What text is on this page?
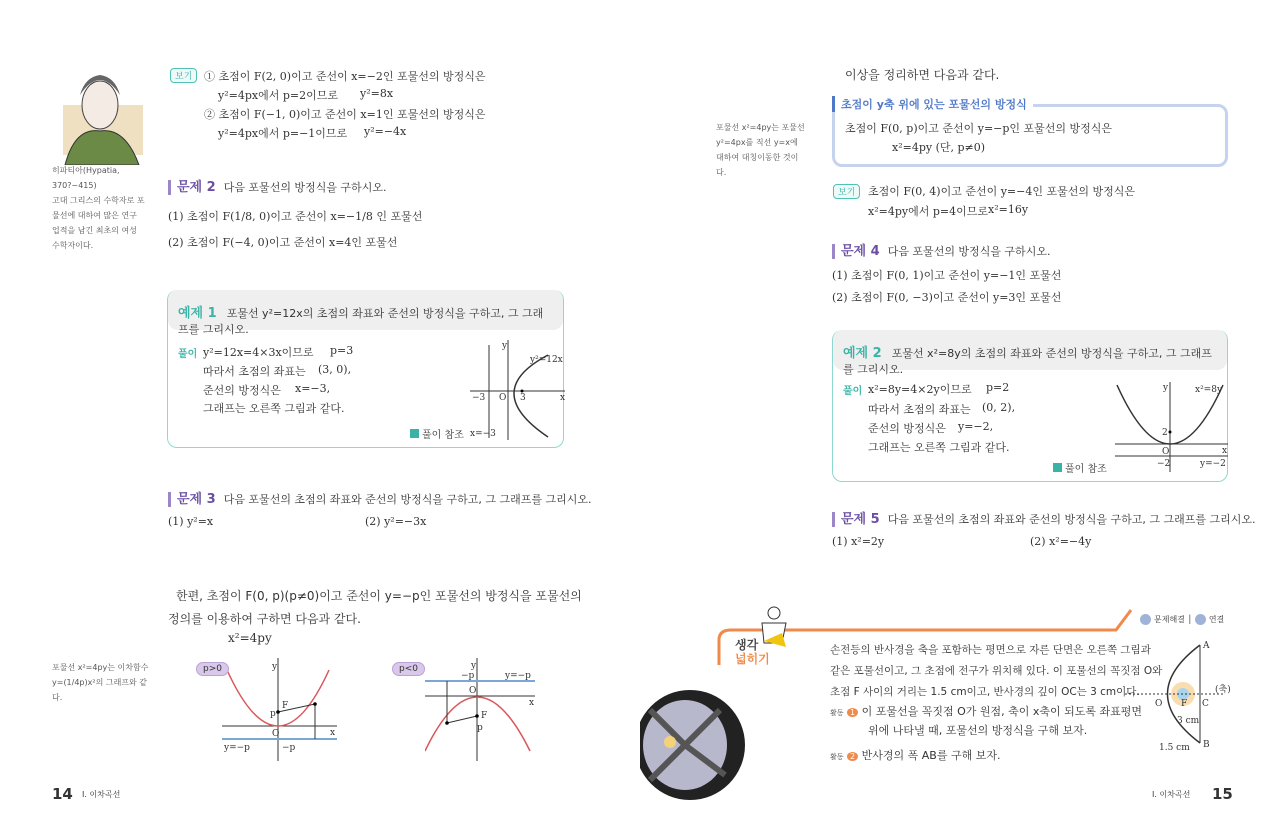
히파티아(Hypatia,
370?~415)
고대 그리스의 수학자로 포물선에 대하여 많은 연구 업적을 남긴 최초의 여성 수학자이다.
보기	① 초점이 F(2, 0)이고 준선이 x=−2인 포물선의 방정식은
y²=4px에서 p=2이므로 y²=8x
② 초점이 F(−1, 0)이고 준선이 x=1인 포물선의 방정식은
y²=4px에서 p=−1이므로 y²=−4x
문제 2 다음 포물선의 방정식을 구하시오.
(1) 초점이 F(1/8, 0)이고 준선이 x=−1/8 인 포물선
(2) 초점이 F(−4, 0)이고 준선이 x=4인 포물선
예제 1 포물선 y²=12x의 초점의 좌표와 준선의 방정식을 구하고, 그 그래프를 그리시오.
풀이 y²=12x=4×3x이므로 p=3
따라서 초점의 좌표는 (3, 0),
준선의 방정식은 x=−3,
그래프는 오른쪽 그림과 같다.
풀이 참조
y
x
y²=12x
−3 O 3
x=−3
문제 3 다음 포물선의 초점의 좌표와 준선의 방정식을 구하고, 그 그래프를 그리시오.
(1) y²=x	(2) y²=−3x
한편, 초점이 F(0, p)(p≠0)이고 준선이 y=−p인 포물선의 방정식을 포물선의
정의를 이용하여 구하면 다음과 같다.
x²=4py
포물선 x²=4py는 이차함수 y=(1/4p)x²의 그래프와 같다.
y
x
F
p
O
y=−p	−p
p>0	y
x
F
p
O
y=−p
−p
p<0
14 Ⅰ. 이차곡선
이상을 정리하면 다음과 같다.
초점이 y축 위에 있는 포물선의 방정식
초점이 F(0, p)이고 준선이 y=−p인 포물선의 방정식은
x²=4py (단, p≠0)
포물선 x²=4py는 포물선 y²=4px를 직선 y=x에 대하여 대칭이동한 것이다.
보기	초점이 F(0, 4)이고 준선이 y=−4인 포물선의 방정식은
x²=4py에서 p=4이므로 x²=16y
문제 4 다음 포물선의 방정식을 구하시오.
(1) 초점이 F(0, 1)이고 준선이 y=−1인 포물선
(2) 초점이 F(0, −3)이고 준선이 y=3인 포물선
예제 2 포물선 x²=8y의 초점의 좌표와 준선의 방정식을 구하고, 그 그래프를 그리시오.
풀이 x²=8y=4×2y이므로 p=2
따라서 초점의 좌표는 (0, 2),
준선의 방정식은 y=−2,
그래프는 오른쪽 그림과 같다.
풀이 참조
y
x
x²=8y
2
O
−2	y=−2
문제 5 다음 포물선의 초점의 좌표와 준선의 방정식을 구하고, 그 그래프를 그리시오.
(1) x²=2y	(2) x²=−4y
생각
넓히기
문제해결 │ 연결
손전등의 반사경을 축을 포함하는 평면으로 자른 단면은 오른쪽 그림과
같은 포물선이고, 그 초점에 전구가 위치해 있다. 이 포물선의 꼭짓점 O와
초점 F 사이의 거리는 1.5 cm이고, 반사경의 깊이 OC는 3 cm이다.
활동 1 이 포물선을 꼭짓점 O가 원점, 축이 x축이 되도록 좌표평면
위에 나타낼 때, 포물선의 방정식을 구해 보자.
활동 2 반사경의 폭 AB를 구해 보자.
A
B
O F C
(축)
3 cm
1.5 cm
Ⅰ. 이차곡선 15
